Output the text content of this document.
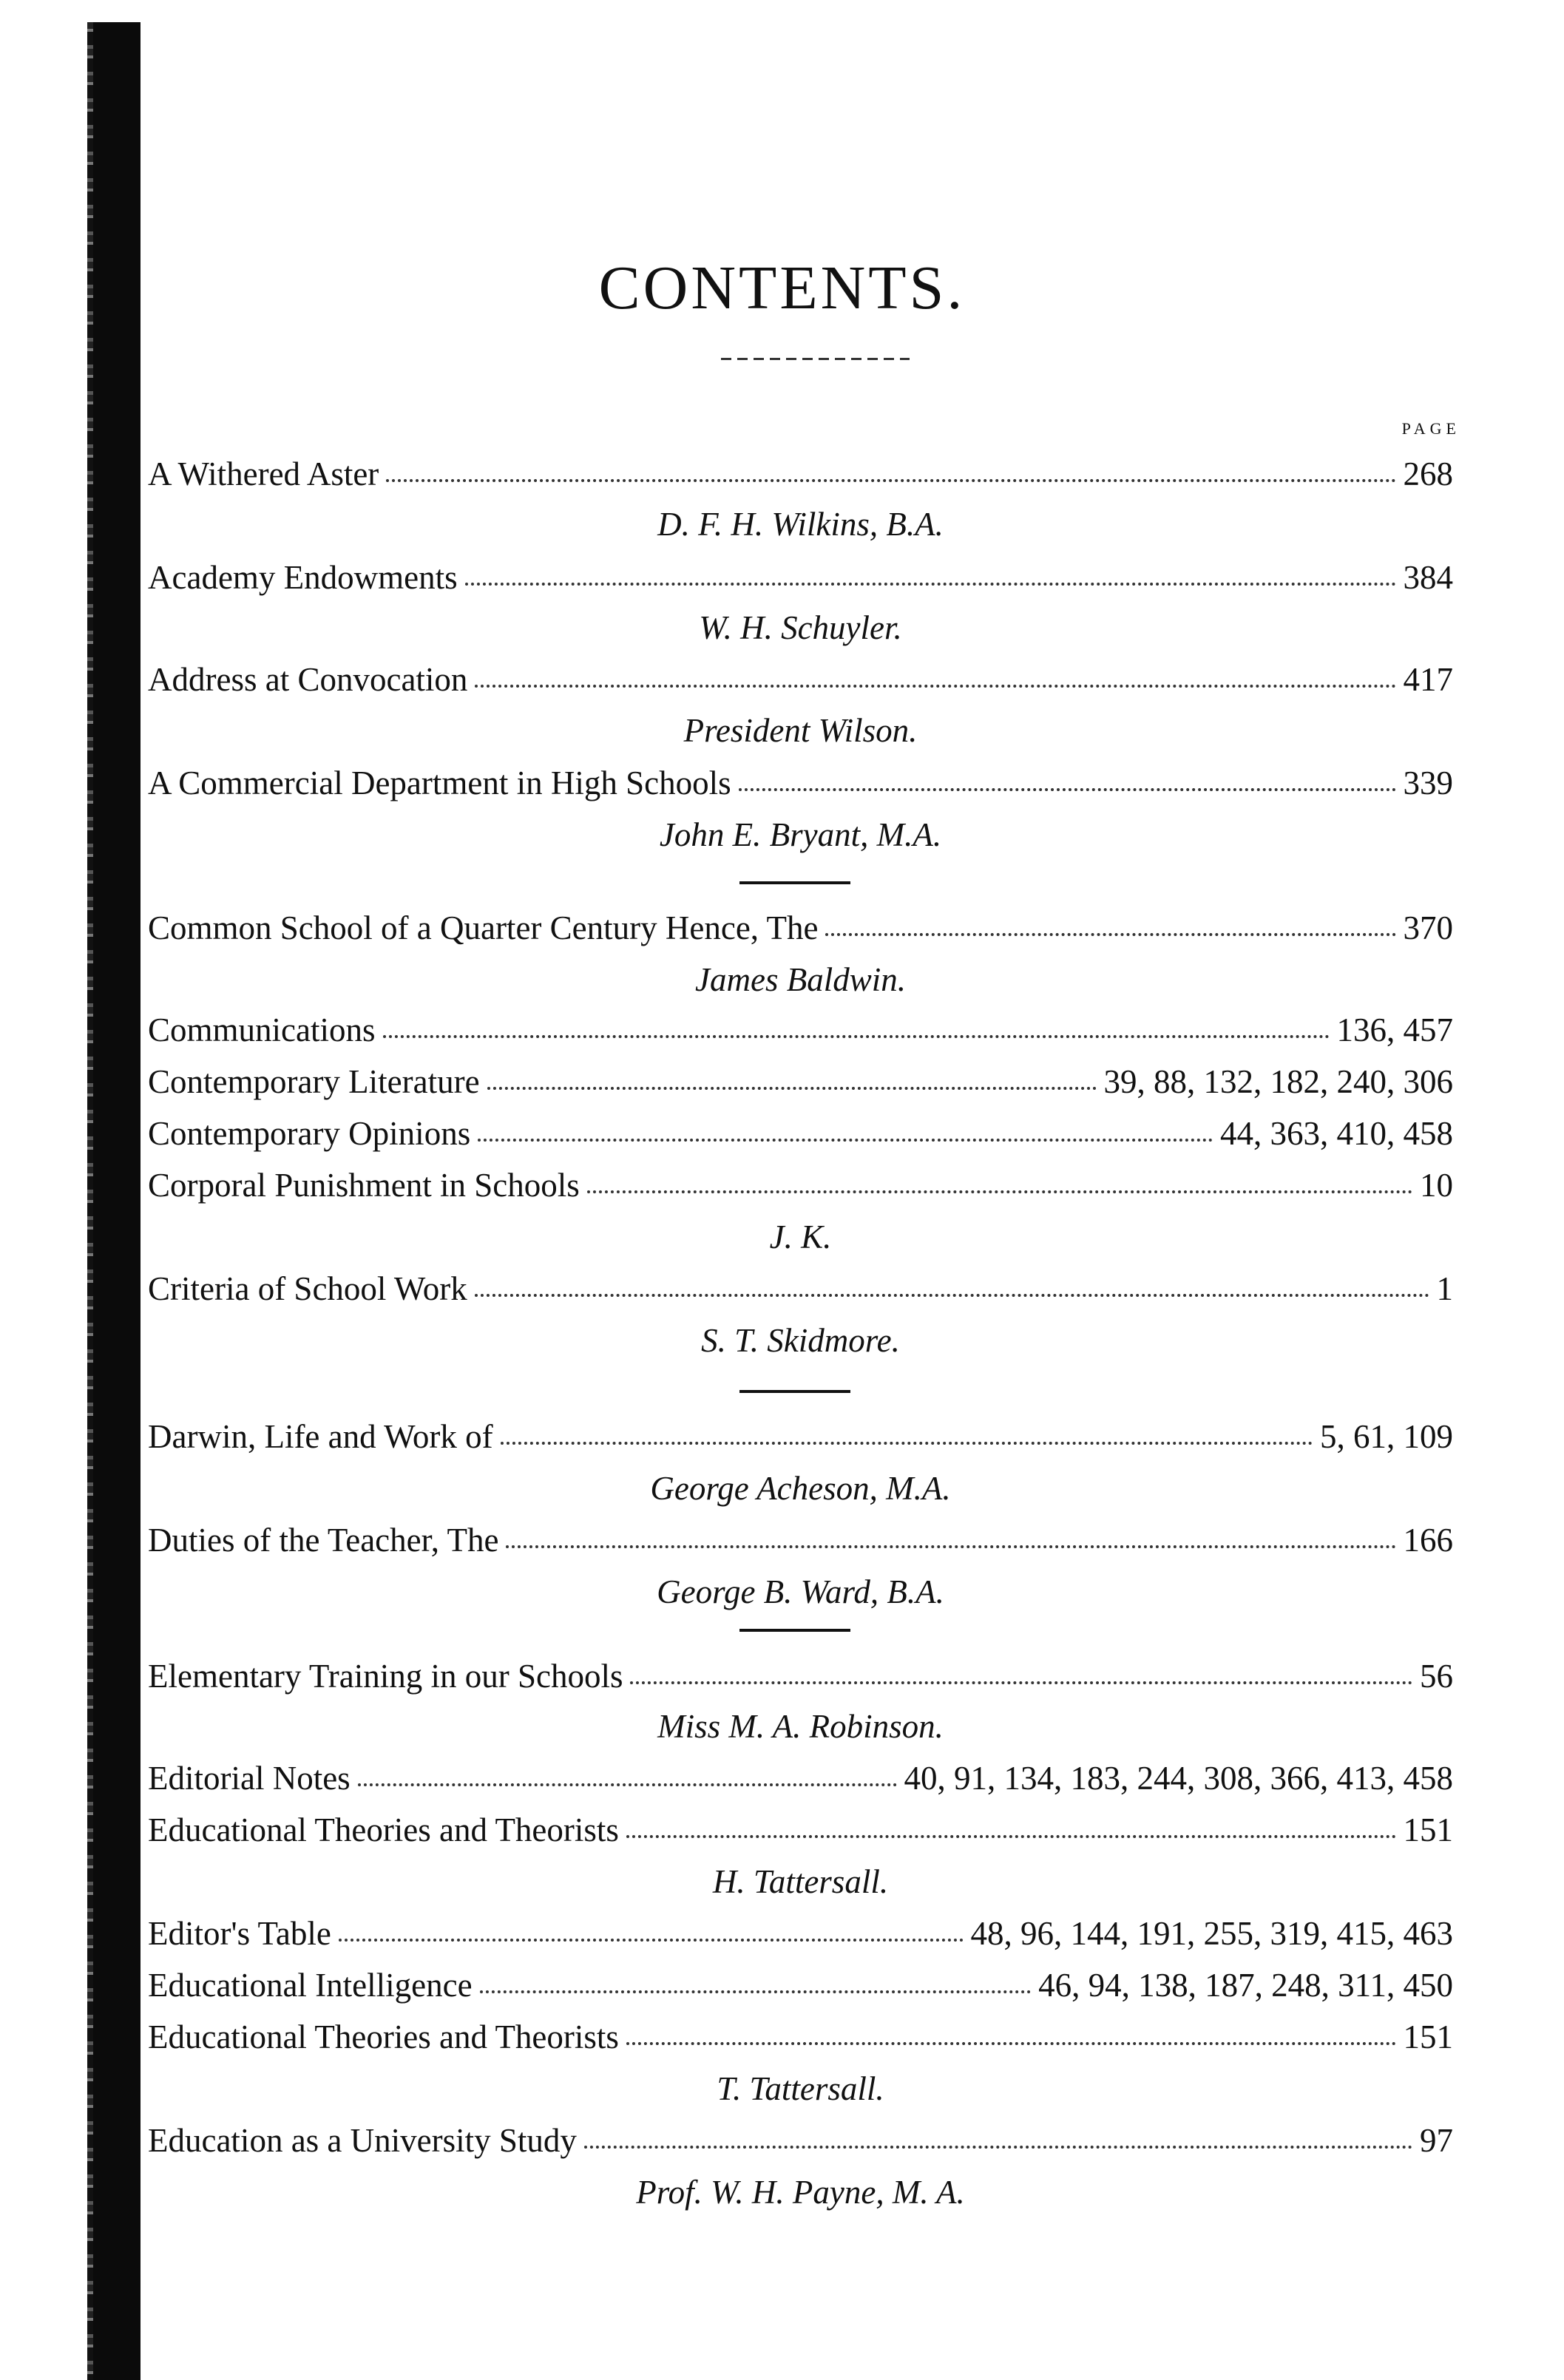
CONTENTS.
PAGE
A Withered Aster	268
D. F. H. Wilkins, B.A.
Academy Endowments	384
W. H. Schuyler.
Address at Convocation	417
President Wilson.
A Commercial Department in High Schools	339
John E. Bryant, M.A.
Common School of a Quarter Century Hence, The	370
James Baldwin.
Communications	136, 457
Contemporary Literature	39, 88, 132, 182, 240, 306
Contemporary Opinions	44, 363, 410, 458
Corporal Punishment in Schools	10
J. K.
Criteria of School Work	1
S. T. Skidmore.
Darwin, Life and Work of	5, 61, 109
George Acheson, M.A.
Duties of the Teacher, The	166
George B. Ward, B.A.
Elementary Training in our Schools	56
Miss M. A. Robinson.
Editorial Notes	40, 91, 134, 183, 244, 308, 366, 413, 458
Educational Theories and Theorists	151
H. Tattersall.
Editor's Table	48, 96, 144, 191, 255, 319, 415, 463
Educational Intelligence	46, 94, 138, 187, 248, 311, 450
Educational Theories and Theorists	151
T. Tattersall.
Education as a University Study	97
Prof. W. H. Payne, M. A.
